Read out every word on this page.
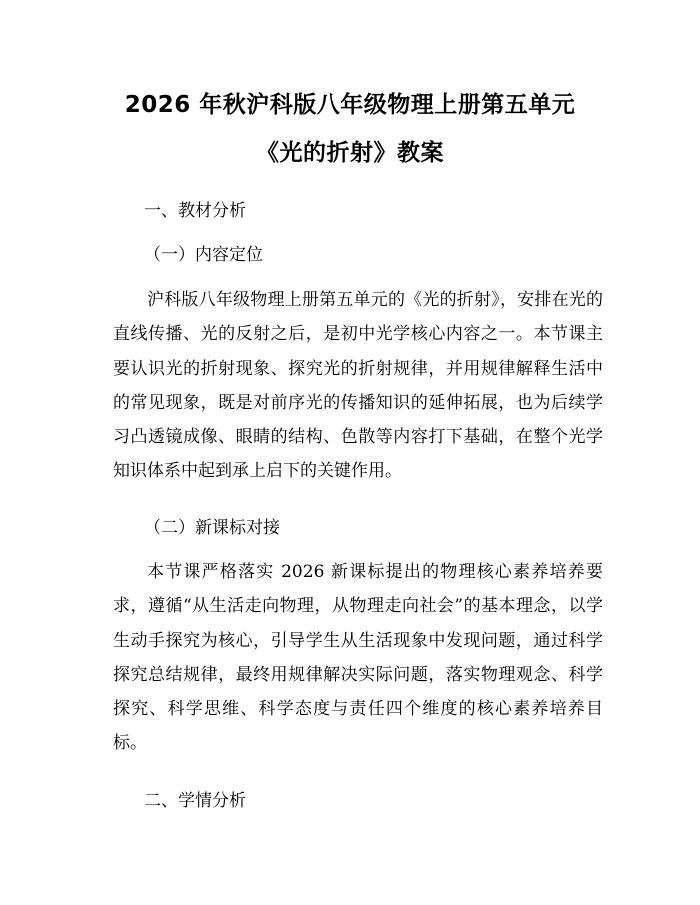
2026 年秋沪科版八年级物理上册第五单元
《光的折射》教案
一、教材分析
（一）内容定位
沪科版八年级物理上册第五单元的《光的折射》，安排在光的直线传播、光的反射之后，是初中光学核心内容之一。本节课主要认识光的折射现象、探究光的折射规律，并用规律解释生活中的常见现象，既是对前序光的传播知识的延伸拓展，也为后续学习凸透镜成像、眼睛的结构、色散等内容打下基础，在整个光学知识体系中起到承上启下的关键作用。
（二）新课标对接
本节课严格落实 2026 新课标提出的物理核心素养培养要求，遵循“从生活走向物理，从物理走向社会”的基本理念，以学生动手探究为核心，引导学生从生活现象中发现问题，通过科学探究总结规律，最终用规律解决实际问题，落实物理观念、科学探究、科学思维、科学态度与责任四个维度的核心素养培养目标。
二、学情分析
